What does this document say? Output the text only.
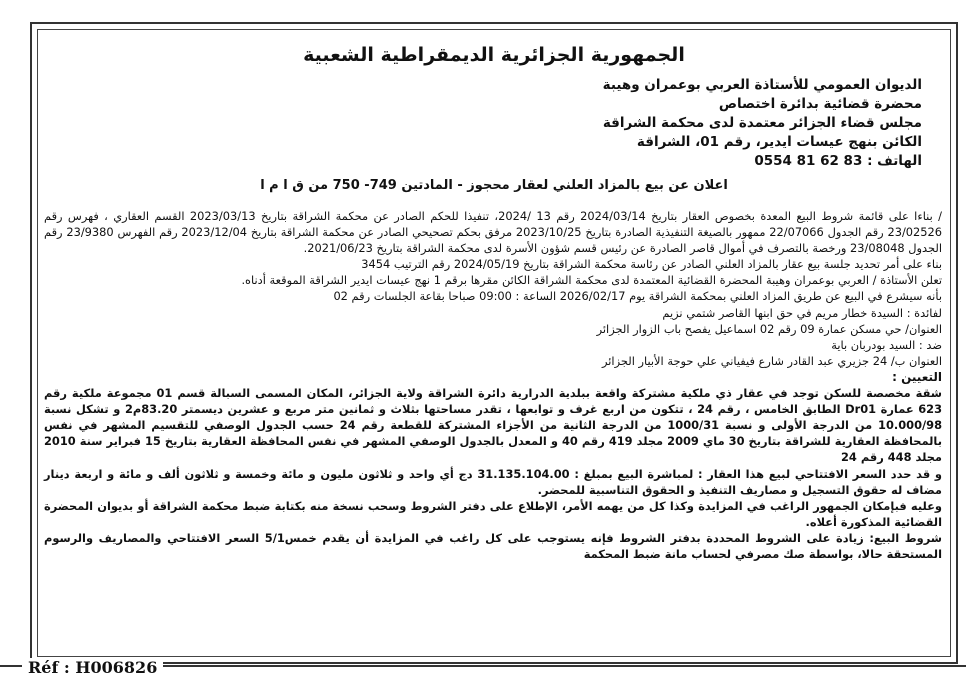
الجمهورية الجزائرية الديمقراطية الشعبية
الديوان العمومي للأستاذة العربي بوعمران وهيبة
محضرة قضائية بدائرة اختصاص
مجلس قضاء الجزائر معتمدة لدى محكمة الشراقة
الكائن بنهج عيسات ايدير، رقم 01، الشراقة
الهاتف : 0554 81 62 83
اعلان عن بيع بالمزاد العلني لعقار محجوز - المادتين 749- 750 من ق ا م ا

/ بناءا على قائمة شروط البيع المعدة بخصوص العقار بتاريخ 2024/03/14 رقم 13 /2024، تنفيذا للحكم الصادر عن محكمة الشراقة بتاريخ 2023/03/13 القسم العقاري ، فهرس رقم 23/02526 رقم الجدول 22/07066 ممهور بالصيغة التنفيذية الصادرة بتاريخ 2023/10/25 مرفق بحكم تصحيحي الصادر عن محكمة الشراقة بتاريخ 2023/12/04 رقم الفهرس 23/9380 رقم الجدول 23/08048 ورخصة بالتصرف في أموال قاصر الصادرة عن رئيس قسم شؤون الأسرة لدى محكمة الشراقة بتاريخ 2021/06/23.

بناء على أمر تحديد جلسة بيع عقار بالمزاد العلني الصادر عن رئاسة محكمة الشراقة بتاريخ 2024/05/19 رقم الترتيب 3454

تعلن الأستاذة / العربي بوعمران وهيبة المحضرة القضائية المعتمدة لدى محكمة الشراقة الكائن مقرها برقم 1 نهج عيسات ايدير الشراقة الموقعة أدناه.

بأنه سيشرع في البيع عن طريق المزاد العلني بمحكمة الشراقة يوم 2026/02/17 الساعة : 09:00 صباحا بقاعة الجلسات رقم 02

لفائدة : السيدة خطار مريم في حق ابنها القاصر شتمي نزيم

العنوان/ حي مسكن عمارة 09 رقم 02 اسماعيل يفصح باب الزوار الجزائر

ضد : السيد بودربان باية

العنوان ب/ 24 جزيري عبد القادر شارع فيفياني علي حوجة الأبيار الجزائر

التعيين :

شقة مخصصة للسكن توجد في عقار ذي ملكية مشتركة واقعة ببلدية الدرارية دائرة الشراقة ولاية الجزائر، المكان المسمى السبالة قسم 01 مجموعة ملكية رقم 623 عمارة Dr01 الطابق الخامس ، رقم 24 ، تتكون من اربع غرف و توابعها ، تقدر مساحتها بثلاث و ثمانين متر مربع و عشرين ديسمتر 83.20م2 و تشكل نسبة 10.000/98 من الدرجة الأولى و نسبة 1000/31 من الدرجة الثانية من الأجزاء المشتركة للقطعة رقم 24 حسب الجدول الوصفي للتقسيم المشهر في نفس بالمحافظة العقارية للشراقة بتاريخ 30 ماي 2009 مجلد 419 رقم 40 و المعدل بالجدول الوصفي المشهر في نفس المحافظة العقارية بتاريخ 15 فبراير سنة 2010 مجلد 448 رقم 24

و قد حدد السعر الافتتاحي لبيع هذا العقار : لمباشرة البيع بمبلغ : 31.135.104.00 دج أي واحد و ثلاثون مليون و مائة وخمسة و ثلاثون ألف و مائة و اربعة دينار مضاف له حقوق التسجيل و مصاريف التنفيذ و الحقوق التناسبية للمحضر.

وعليه فبإمكان الجمهور الراغب في المزايدة وكذا كل من يهمه الأمر، الإطلاع على دفتر الشروط وسحب نسخة منه بكتابة ضبط محكمة الشراقة أو بديوان المحضرة القضائية المذكورة أعلاه.

شروط البيع: زيادة على الشروط المحددة بدفتر الشروط فإنه يستوجب على كل راغب في المزايدة أن يقدم خمس5/1 السعر الافتتاحي والمصاريف والرسوم المستحقة حالا، بواسطة صك مصرفي لحساب مانة ضبط المحكمة

Réf : H006826
